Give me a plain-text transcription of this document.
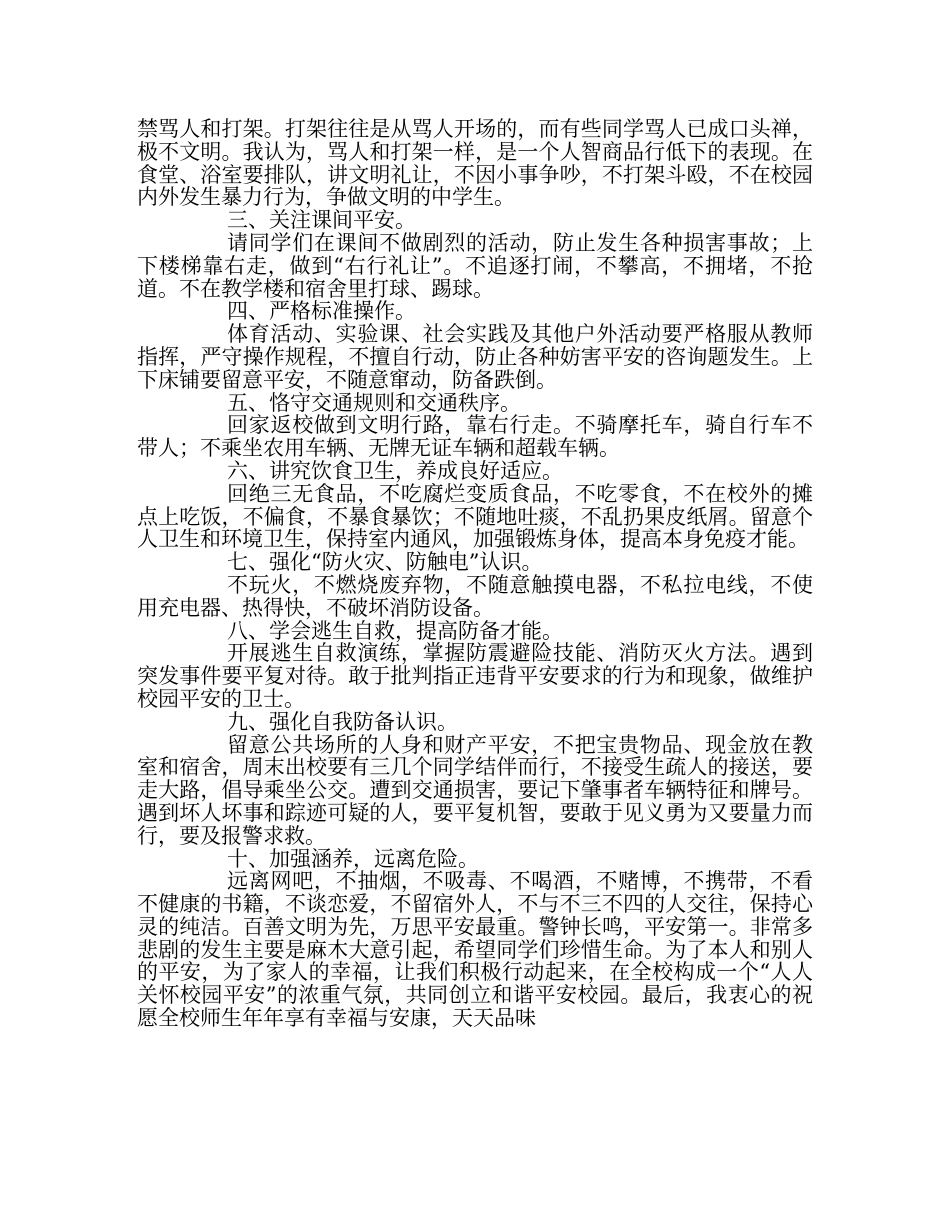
禁骂人和打架。打架往往是从骂人开场的，而有些同学骂人已成口头禅，极不文明。我认为，骂人和打架一样，是一个人智商品行低下的表现。在食堂、浴室要排队，讲文明礼让，不因小事争吵，不打架斗殴，不在校园内外发生暴力行为，争做文明的中学生。

三、关注课间平安。

请同学们在课间不做剧烈的活动，防止发生各种损害事故；上下楼梯靠右走，做到“右行礼让”。不追逐打闹，不攀高，不拥堵，不抢道。不在教学楼和宿舍里打球、踢球。

四、严格标准操作。

体育活动、实验课、社会实践及其他户外活动要严格服从教师指挥，严守操作规程，不擅自行动，防止各种妨害平安的咨询题发生。上下床铺要留意平安，不随意窜动，防备跌倒。

五、恪守交通规则和交通秩序。

回家返校做到文明行路，靠右行走。不骑摩托车，骑自行车不带人；不乘坐农用车辆、无牌无证车辆和超载车辆。

六、讲究饮食卫生，养成良好适应。

回绝三无食品，不吃腐烂变质食品，不吃零食，不在校外的摊点上吃饭，不偏食，不暴食暴饮；不随地吐痰，不乱扔果皮纸屑。留意个人卫生和环境卫生，保持室内通风，加强锻炼身体，提高本身免疫才能。

七、强化“防火灾、防触电”认识。

不玩火，不燃烧废弃物，不随意触摸电器，不私拉电线，不使用充电器、热得快，不破坏消防设备。

八、学会逃生自救，提高防备才能。

开展逃生自救演练，掌握防震避险技能、消防灭火方法。遇到突发事件要平复对待。敢于批判指正违背平安要求的行为和现象，做维护校园平安的卫士。

九、强化自我防备认识。

留意公共场所的人身和财产平安，不把宝贵物品、现金放在教室和宿舍，周末出校要有三几个同学结伴而行，不接受生疏人的接送，要走大路，倡导乘坐公交。遭到交通损害，要记下肇事者车辆特征和牌号。遇到坏人坏事和踪迹可疑的人，要平复机智，要敢于见义勇为又要量力而行，要及报警求救。

十、加强涵养，远离危险。

远离网吧，不抽烟，不吸毒、不喝酒，不赌博，不携带，不看不健康的书籍，不谈恋爱，不留宿外人，不与不三不四的人交往，保持心灵的纯洁。百善文明为先，万思平安最重。警钟长鸣，平安第一。非常多悲剧的发生主要是麻木大意引起，希望同学们珍惜生命。为了本人和别人的平安，为了家人的幸福，让我们积极行动起来，在全校构成一个“人人关怀校园平安”的浓重气氛，共同创立和谐平安校园。最后，我衷心的祝愿全校师生年年享有幸福与安康，天天品味
